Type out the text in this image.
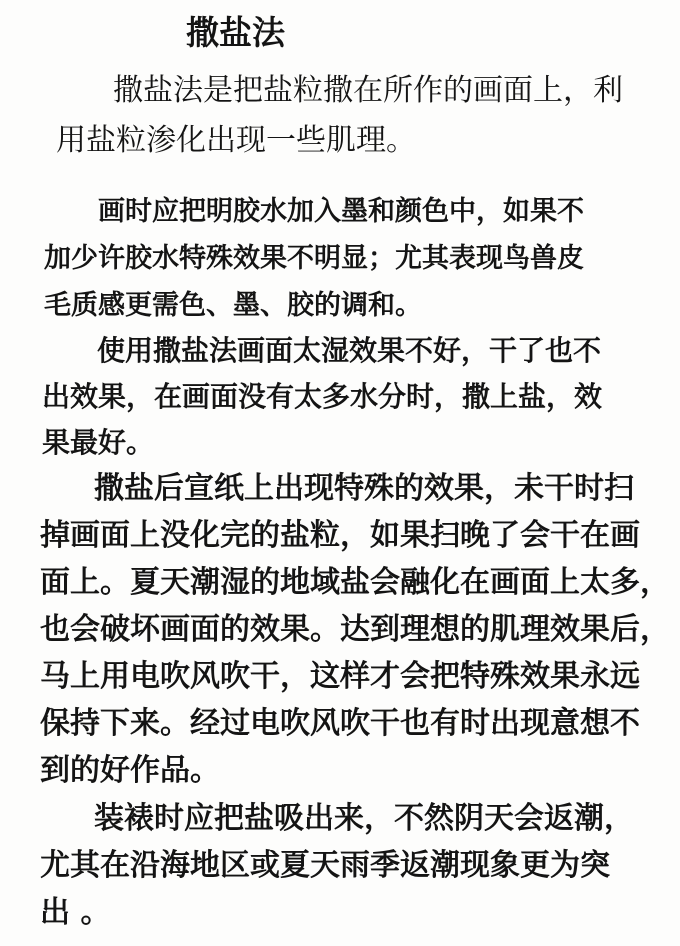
撒盐法

撒盐法是把盐粒撒在所作的画面上，利

用盐粒渗化出现一些肌理。

画时应把明胶水加入墨和颜色中，如果不

加少许胶水特殊效果不明显；尤其表现鸟兽皮

毛质感更需色、墨、胶的调和。

使用撒盐法画面太湿效果不好，干了也不

出效果，在画面没有太多水分时，撒上盐，效

果最好。

撒盐后宣纸上出现特殊的效果，未干时扫

掉画面上没化完的盐粒，如果扫晚了会干在画

面上。夏天潮湿的地域盐会融化在画面上太多，

也会破坏画面的效果。达到理想的肌理效果后，

马上用电吹风吹干，这样才会把特殊效果永远

保持下来。经过电吹风吹干也有时出现意想不

到的好作品。

装裱时应把盐吸出来，不然阴天会返潮，

尤其在沿海地区或夏天雨季返潮现象更为突

出 。
